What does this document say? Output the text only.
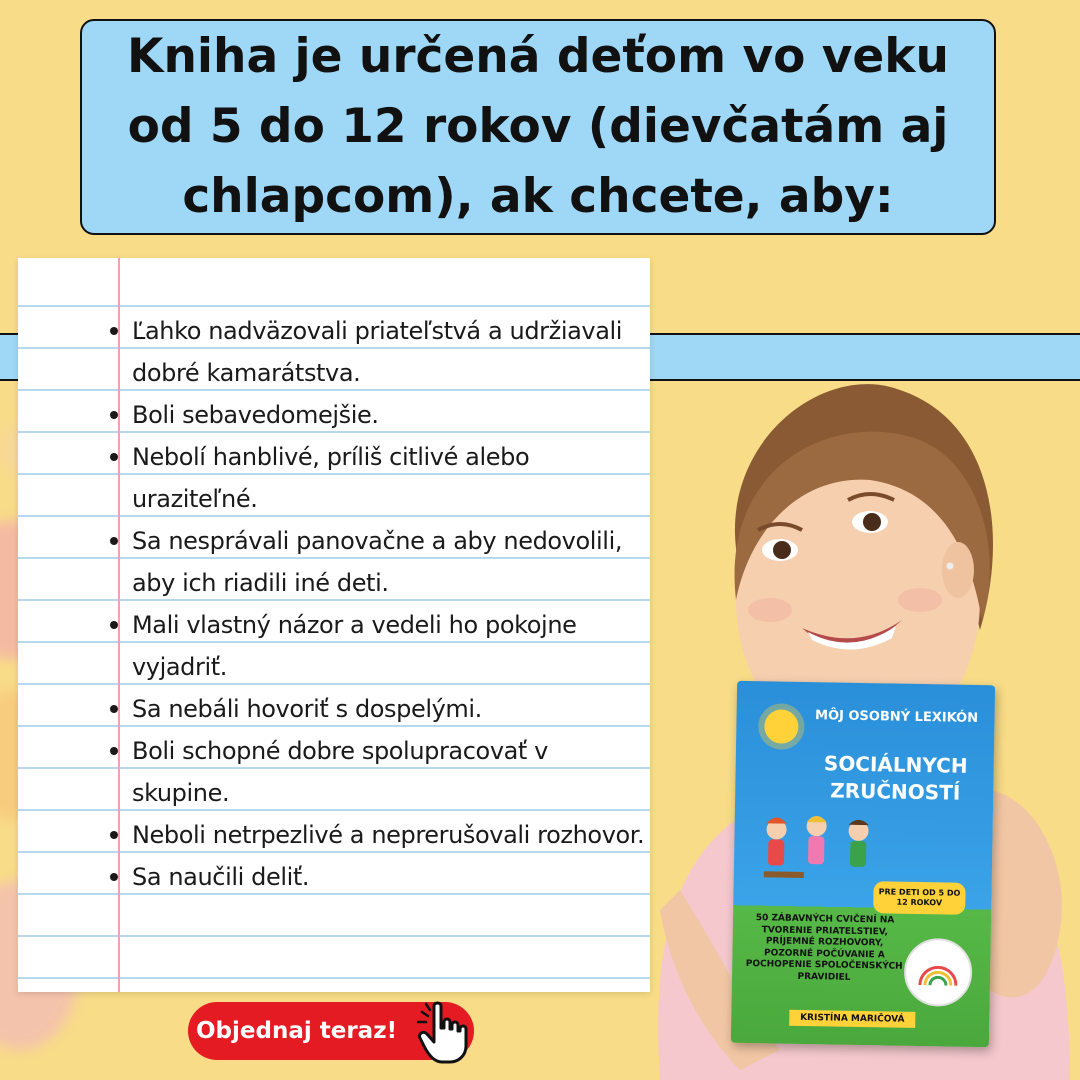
Kniha je určená deťom vo veku od 5 do 12 rokov (dievčatám aj chlapcom), ak chcete, aby:
MÔJ OSOBNÝ LEXIKÓN
SOCIÁLNYCH ZRUČNOSTÍ
PRE DETI OD 5 DO 12 ROKOV
50 ZÁBAVNÝCH CVIČENÍ NA TVORENIE PRIATELSTIEV, PRÍJEMNÉ ROZHOVORY, POZORNÉ POČÚVANIE A POCHOPENIE SPOLOČENSKÝCH PRAVIDIEL
KRISTÍNA MARIČOVÁ
Ľahko nadväzovali priateľstvá a udržiavali dobré kamarátstva.
Boli sebavedomejšie.
Nebolí hanblivé, príliš citlivé alebo uraziteľné.
Sa nesprávali panovačne a aby nedovolili, aby ich riadili iné deti.
Mali vlastný názor a vedeli ho pokojne vyjadriť.
Sa nebáli hovoriť s dospelými.
Boli schopné dobre spolupracovať v skupine.
Neboli netrpezlivé a neprerušovali rozhovor.
Sa naučili deliť.
Objednaj teraz!
